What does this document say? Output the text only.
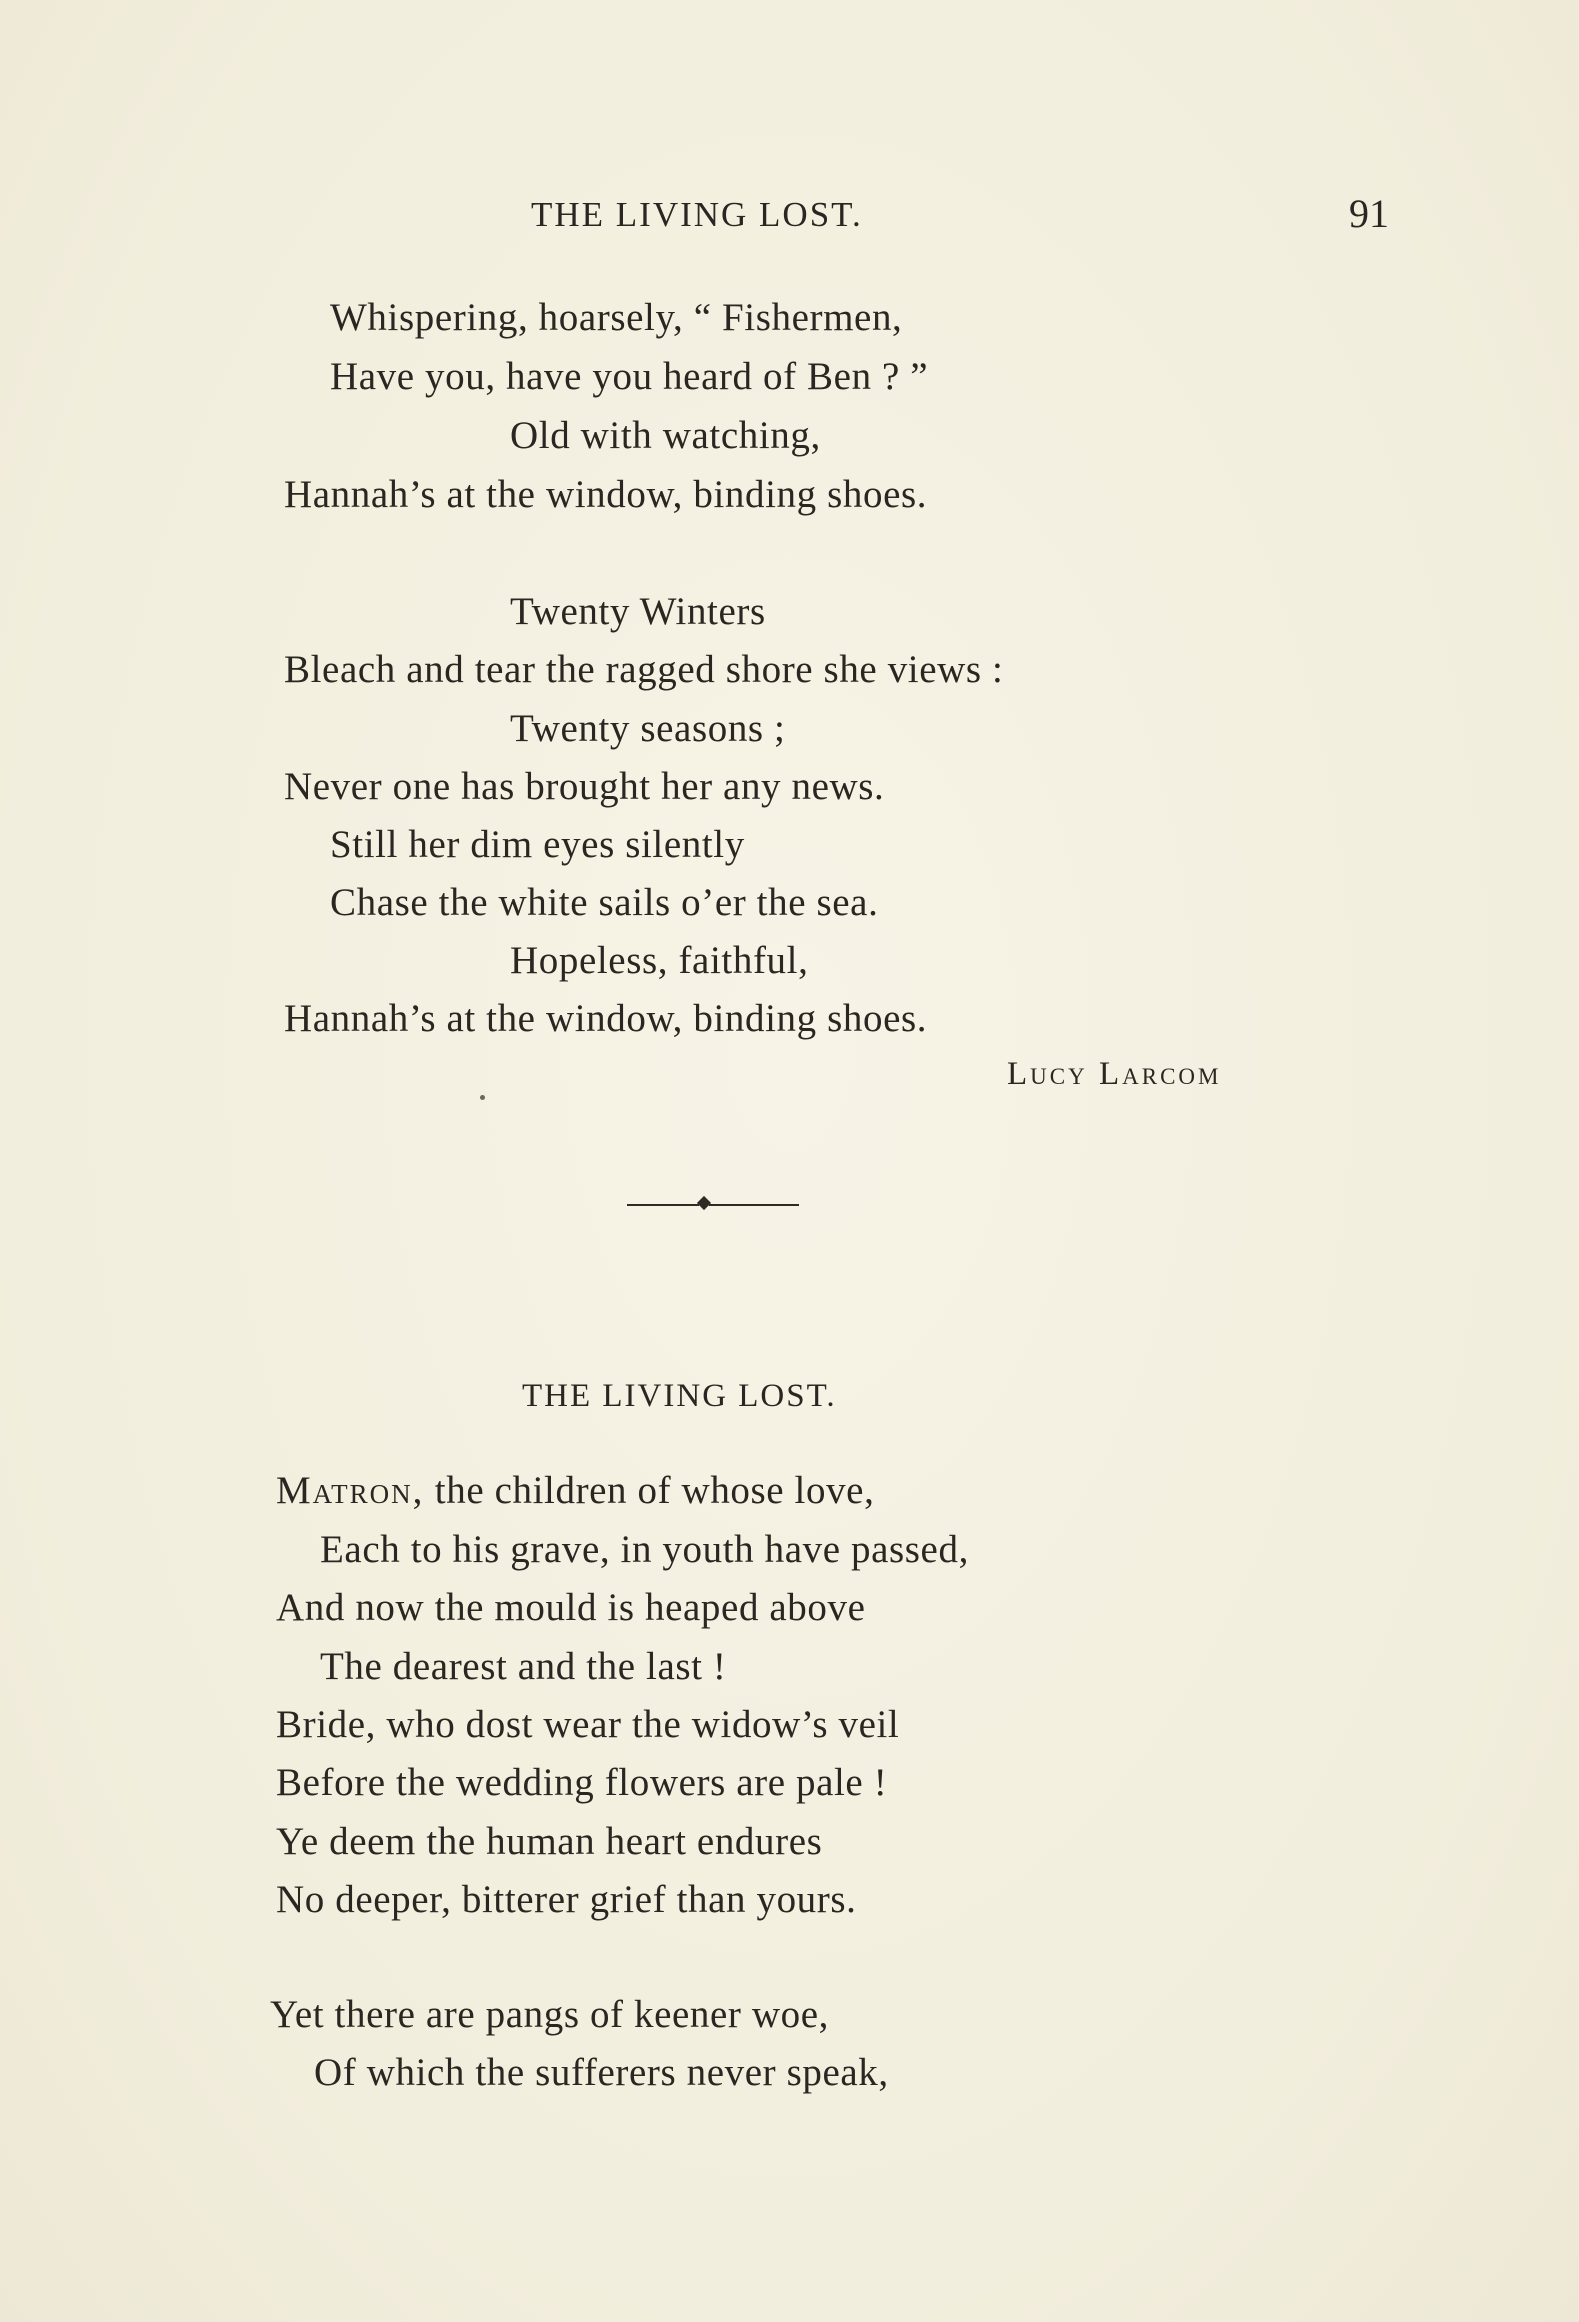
THE LIVING LOST.	91
Whispering, hoarsely, “ Fishermen,
Have you, have you heard of Ben ? ”
Old with watching,
Hannah’s at the window, binding shoes.
Twenty Winters
Bleach and tear the ragged shore she views :
Twenty seasons ;
Never one has brought her any news.
Still her dim eyes silently
Chase the white sails o’er the sea.
Hopeless, faithful,
Hannah’s at the window, binding shoes.
Lucy Larcom
THE LIVING LOST.
Matron, the children of whose love,
Each to his grave, in youth have passed,
And now the mould is heaped above
The dearest and the last !
Bride, who dost wear the widow’s veil
Before the wedding flowers are pale !
Ye deem the human heart endures
No deeper, bitterer grief than yours.
Yet there are pangs of keener woe,
Of which the sufferers never speak,
